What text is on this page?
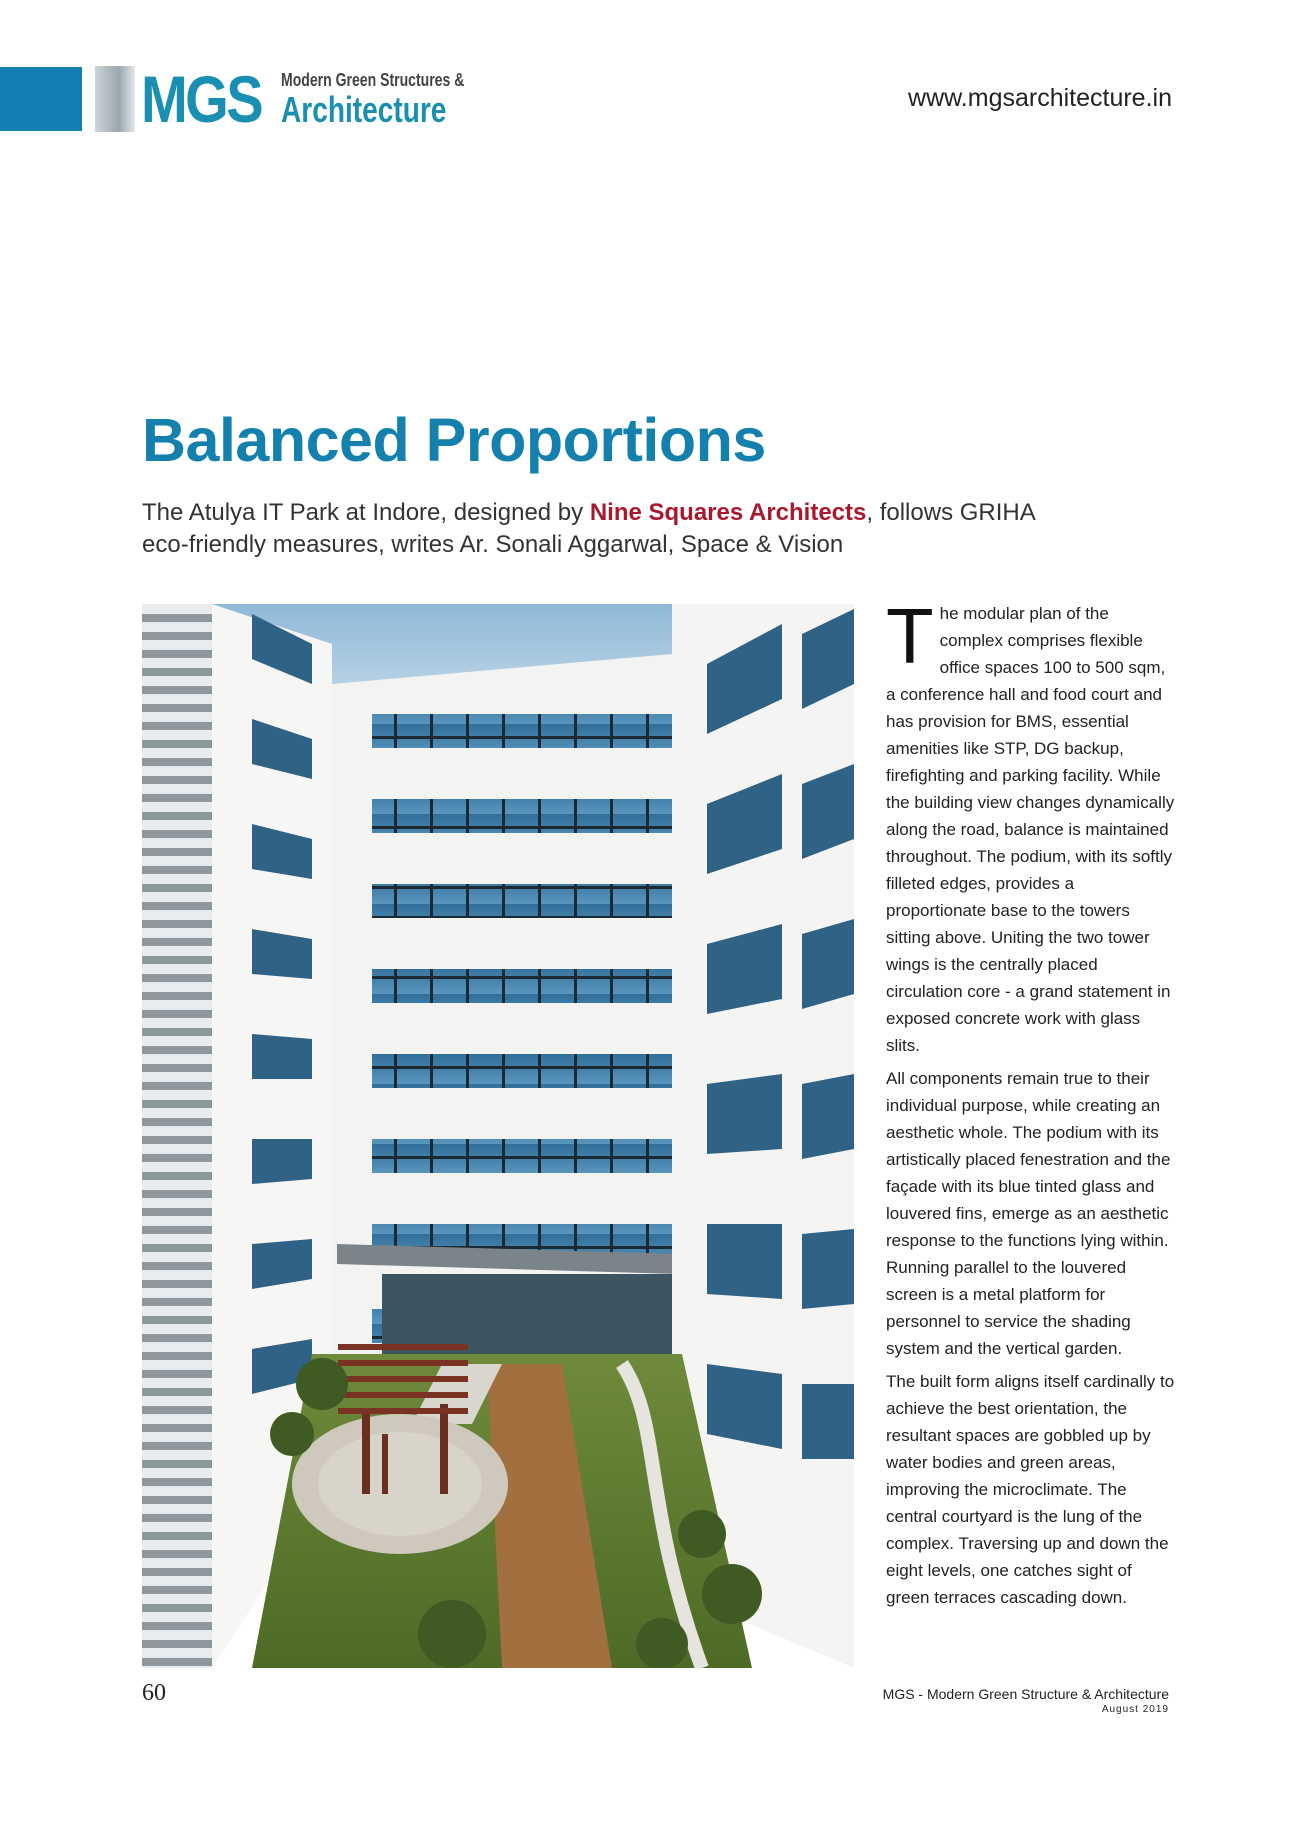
MGS Modern Green Structures &
Architecture	www.mgsarchitecture.in
Balanced Proportions

The Atulya IT Park at Indore, designed by Nine Squares Architects, follows GRIHA eco-friendly measures, writes Ar. Sonali Aggarwal, Space & Vision

The modular plan of the complex comprises flexible office spaces 100 to 500 sqm, a conference hall and food court and has provision for BMS, essential amenities like STP, DG backup, firefighting and parking facility. While the building view changes dynamically along the road, balance is maintained throughout. The podium, with its softly filleted edges, provides a proportionate base to the towers sitting above. Uniting the two tower wings is the centrally placed circulation core - a grand statement in exposed concrete work with glass slits.

All components remain true to their individual purpose, while creating an aesthetic whole. The podium with its artistically placed fenestration and the façade with its blue tinted glass and louvered fins, emerge as an aesthetic response to the functions lying within. Running parallel to the louvered screen is a metal platform for personnel to service the shading system and the vertical garden.

The built form aligns itself cardinally to achieve the best orientation, the resultant spaces are gobbled up by water bodies and green areas, improving the microclimate. The central courtyard is the lung of the complex. Traversing up and down the eight levels, one catches sight of green terraces cascading down.

60	MGS - Modern Green Structure & Architecture
August 2019
